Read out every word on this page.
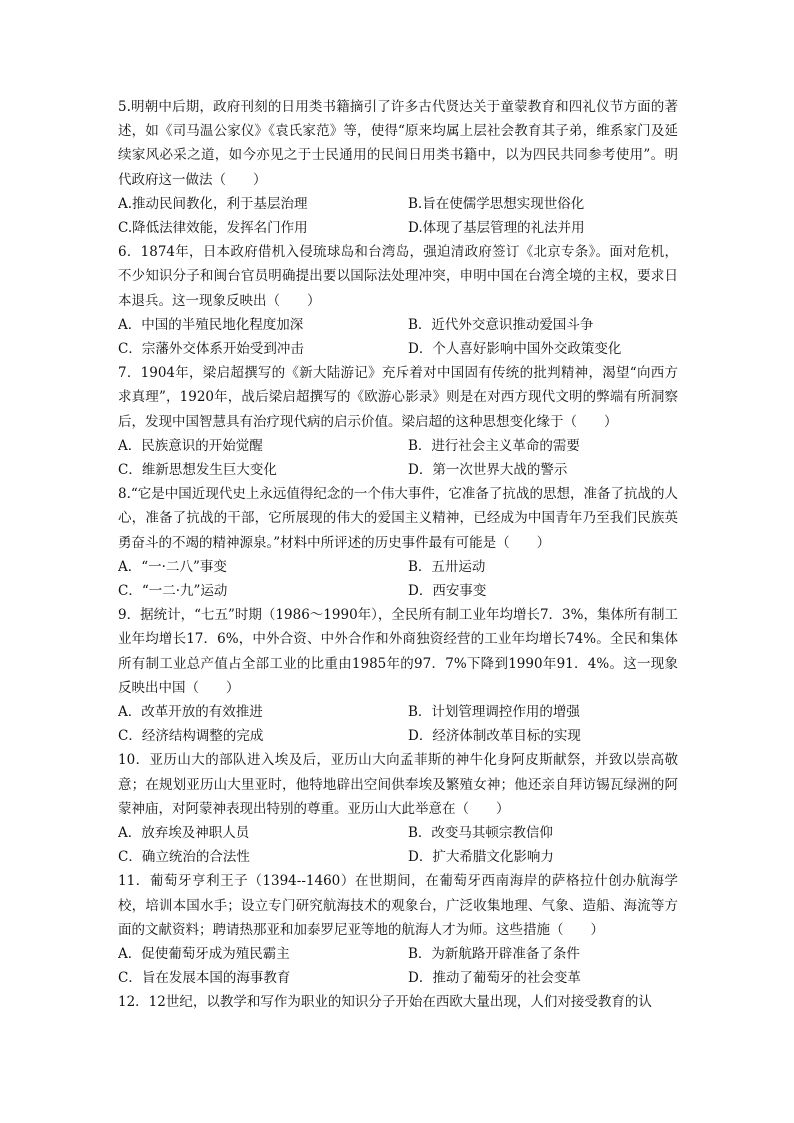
5.明朝中后期，政府刊刻的日用类书籍摘引了许多古代贤达关于童蒙教育和四礼仪节方面的著述，如《司马温公家仪》《袁氏家范》等，使得“原来均属上层社会教育其子弟，维系家门及延续家风必采之道，如今亦见之于士民通用的民间日用类书籍中，以为四民共同参考使用”。明代政府这一做法（　　）

A.推动民间教化，利于基层治理	B.旨在使儒学思想实现世俗化
C.降低法律效能，发挥名门作用	D.体现了基层管理的礼法并用

6．1874年，日本政府借机入侵琉球岛和台湾岛，强迫清政府签订《北京专条》。面对危机，不少知识分子和闽台官员明确提出要以国际法处理冲突，申明中国在台湾全境的主权，要求日本退兵。这一现象反映出（　　）

A．中国的半殖民地化程度加深	B．近代外交意识推动爱国斗争
C．宗藩外交体系开始受到冲击	D．个人喜好影响中国外交政策变化

7．1904年，梁启超撰写的《新大陆游记》充斥着对中国固有传统的批判精神，渴望“向西方求真理”，1920年，战后梁启超撰写的《欧游心影录》则是在对西方现代文明的弊端有所洞察后，发现中国智慧具有治疗现代病的启示价值。梁启超的这种思想变化缘于（　　）

A．民族意识的开始觉醒	B．进行社会主义革命的需要
C．维新思想发生巨大变化	D．第一次世界大战的警示

8.“它是中国近现代史上永远值得纪念的一个伟大事件，它准备了抗战的思想，准备了抗战的人心，准备了抗战的干部，它所展现的伟大的爱国主义精神，已经成为中国青年乃至我们民族英勇奋斗的不竭的精神源泉。”材料中所评述的历史事件最有可能是（　　）

A．“一·二八”事变	B．五卅运动
C．“一二·九”运动	D．西安事变

9．据统计，“七五”时期（1986～1990年），全民所有制工业年均增长7．3%，集体所有制工业年均增长17．6%，中外合资、中外合作和外商独资经营的工业年均增长74%。全民和集体所有制工业总产值占全部工业的比重由1985年的97．7%下降到1990年91．4%。这一现象反映出中国（　　）

A．改革开放的有效推进	B．计划管理调控作用的增强
C．经济结构调整的完成	D．经济体制改革目标的实现

10．亚历山大的部队进入埃及后，亚历山大向孟菲斯的神牛化身阿皮斯献祭，并致以崇高敬意；在规划亚历山大里亚时，他特地辟出空间供奉埃及繁殖女神；他还亲自拜访锡瓦绿洲的阿蒙神庙，对阿蒙神表现出特别的尊重。亚历山大此举意在（　　）

A．放弃埃及神职人员	B．改变马其顿宗教信仰
C．确立统治的合法性	D．扩大希腊文化影响力

11．葡萄牙亨利王子（1394--1460）在世期间，在葡萄牙西南海岸的萨格拉什创办航海学校，培训本国水手；设立专门研究航海技术的观象台，广泛收集地理、气象、造船、海流等方面的文献资料；聘请热那亚和加泰罗尼亚等地的航海人才为师。这些措施（　　）

A．促使葡萄牙成为殖民霸主	B．为新航路开辟准备了条件
C．旨在发展本国的海事教育	D．推动了葡萄牙的社会变革

12．12世纪，以教学和写作为职业的知识分子开始在西欧大量出现，人们对接受教育的认
